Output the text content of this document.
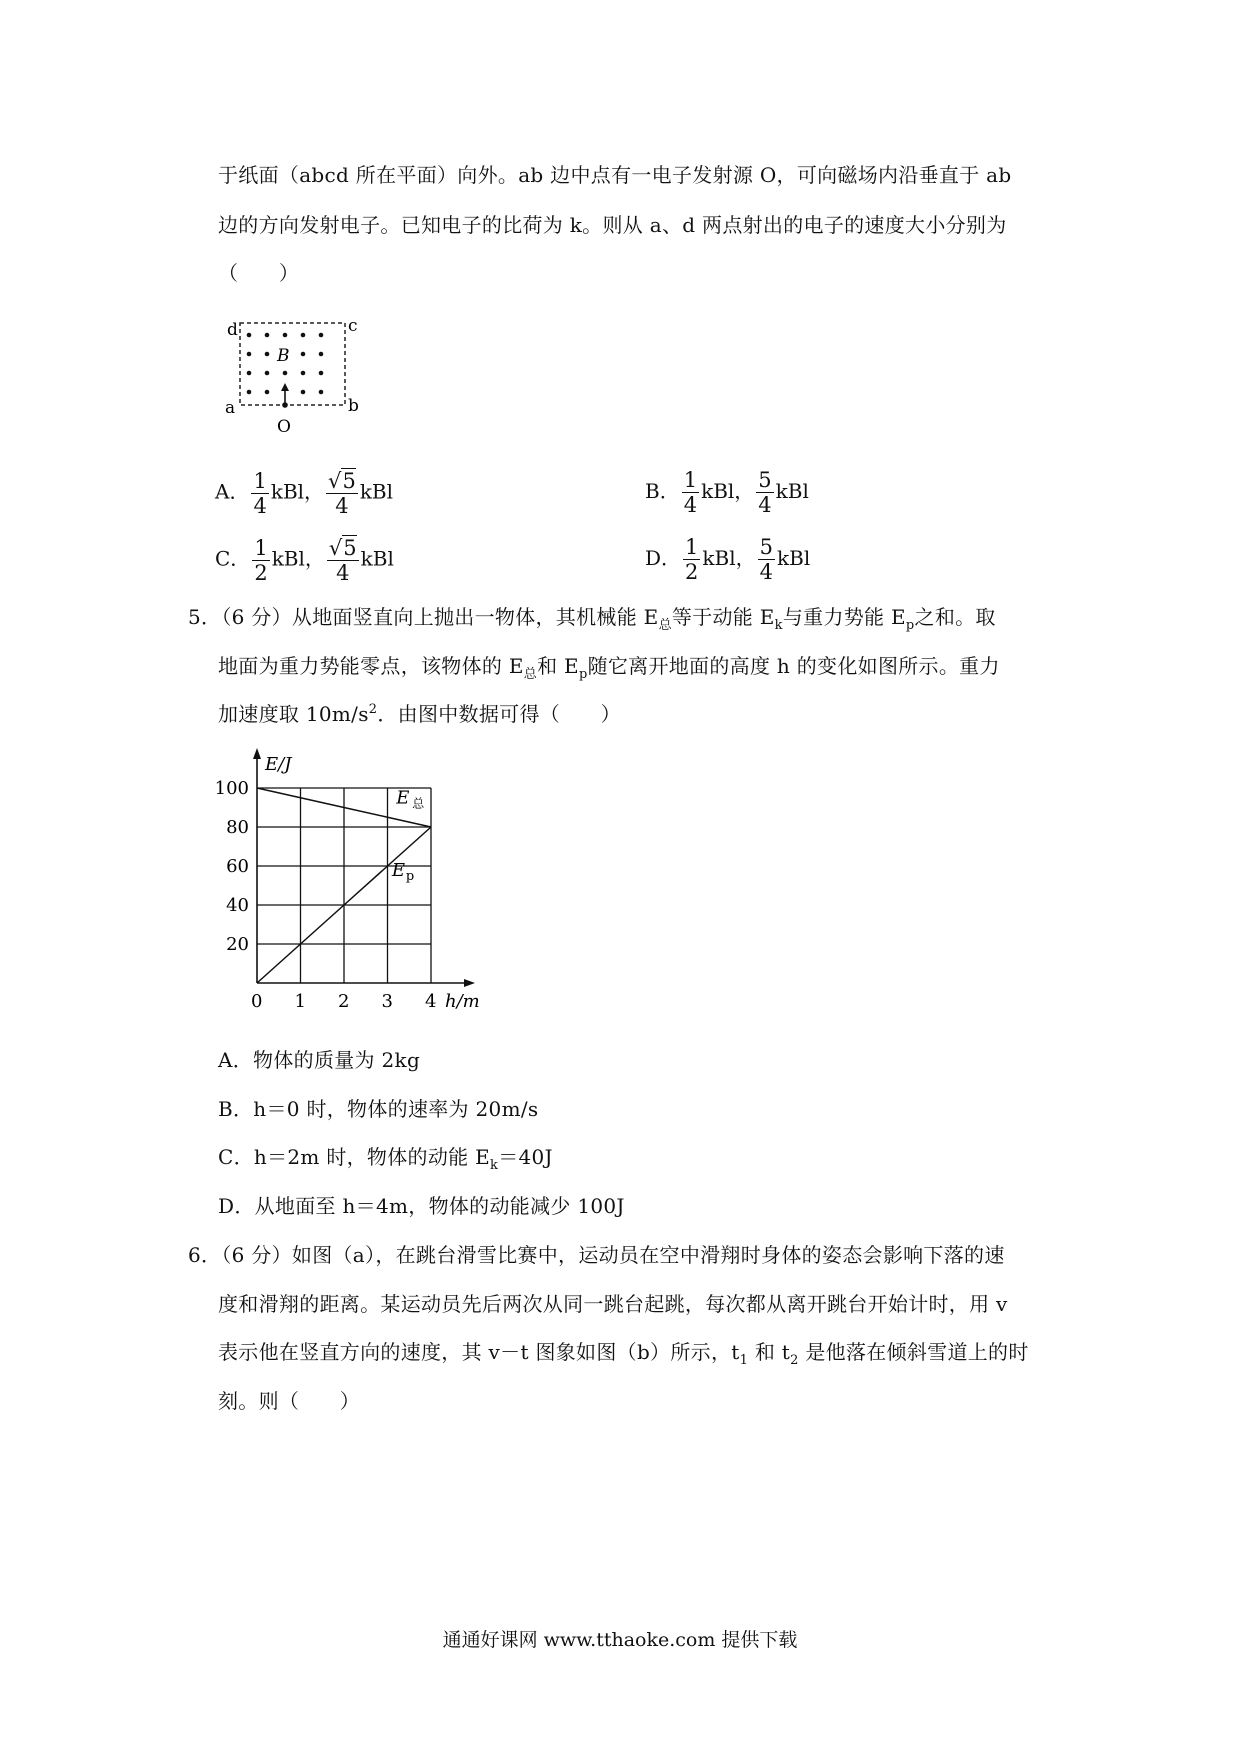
于纸面（abcd 所在平面）向外。ab 边中点有一电子发射源 O，可向磁场内沿垂直于 ab
边的方向发射电子。已知电子的比荷为 k。则从 a、d 两点射出的电子的速度大小分别为
（　　）
d	c
a	b
B
O
A． $\frac{1}{4}$ kBl， $\frac{√5}{4}$ kBl	B． $\frac{1}{4}$ kBl， $\frac{5}{4}$ kBl
C． $\frac{1}{2}$ kBl， $\frac{√5}{4}$ kBl	D． $\frac{1}{2}$ kBl， $\frac{5}{4}$ kBl
5．（6 分）从地面竖直向上抛出一物体，其机械能 $E_总$等于动能 $E_k$与重力势能 $E_p$之和。取
地面为重力势能零点，该物体的 $E_总$和 $E_p$随它离开地面的高度 h 的变化如图所示。重力
加速度取 $10m/s^2$．由图中数据可得（　　）
0 1 2 3 4
20
40
60
80
100
E/J
h/m
E 总
E p
A．物体的质量为 2kg
B．h＝0 时，物体的速率为 20m/s
C．h＝2m 时，物体的动能 $E_k=40J$
D．从地面至 h＝4m，物体的动能减少 100J
6．（6 分）如图（a），在跳台滑雪比赛中，运动员在空中滑翔时身体的姿态会影响下落的速
度和滑翔的距离。某运动员先后两次从同一跳台起跳，每次都从离开跳台开始计时，用 v
表示他在竖直方向的速度，其 v－t 图象如图（b）所示，$t_1$ 和 $t_2$ 是他落在倾斜雪道上的时
刻。则（　　）
通通好课网 www.tthaoke.com 提供下载
